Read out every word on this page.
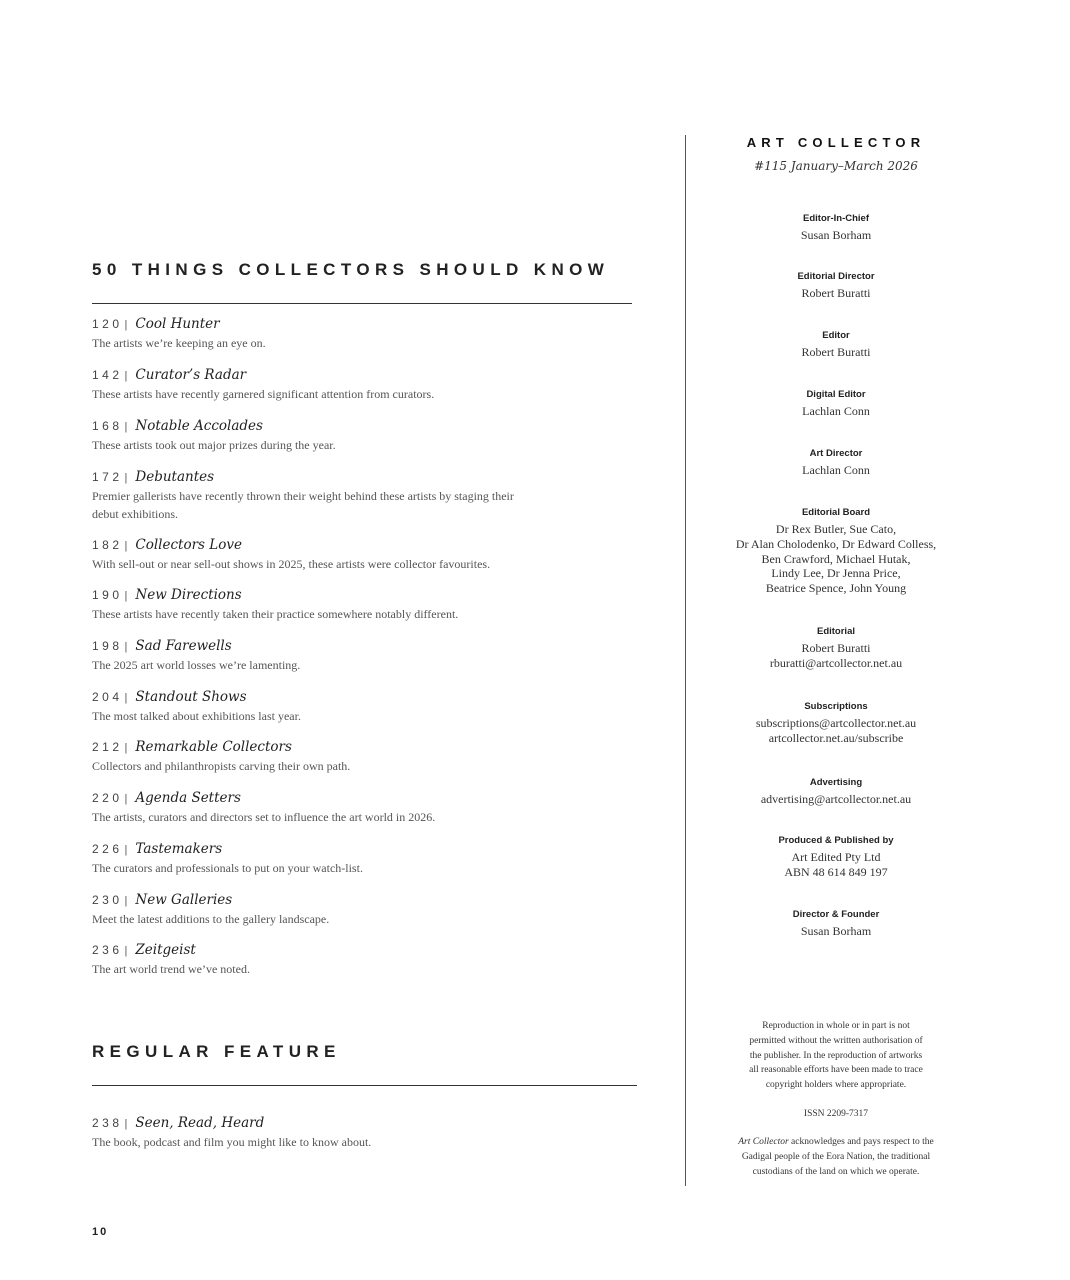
50 THINGS COLLECTORS SHOULD KNOW
120 | Cool Hunter
The artists we’re keeping an eye on.
142 | Curator’s Radar
These artists have recently garnered significant attention from curators.
168 | Notable Accolades
These artists took out major prizes during the year.
172 | Debutantes
Premier gallerists have recently thrown their weight behind these artists by staging their debut exhibitions.
182 | Collectors Love
With sell-out or near sell-out shows in 2025, these artists were collector favourites.
190 | New Directions
These artists have recently taken their practice somewhere notably different.
198 | Sad Farewells
The 2025 art world losses we’re lamenting.
204 | Standout Shows
The most talked about exhibitions last year.
212 | Remarkable Collectors
Collectors and philanthropists carving their own path.
220 | Agenda Setters
The artists, curators and directors set to influence the art world in 2026.
226 | Tastemakers
The curators and professionals to put on your watch-list.
230 | New Galleries
Meet the latest additions to the gallery landscape.
236 | Zeitgeist
The art world trend we’ve noted.
REGULAR FEATURE
238 | Seen, Read, Heard
The book, podcast and film you might like to know about.
10
ART COLLECTOR
#115 January–March 2026
Editor-In-Chief
Susan Borham
Editorial Director
Robert Buratti
Editor
Robert Buratti
Digital Editor
Lachlan Conn
Art Director
Lachlan Conn
Editorial Board
Dr Rex Butler, Sue Cato,
Dr Alan Cholodenko, Dr Edward Colless,
Ben Crawford, Michael Hutak,
Lindy Lee, Dr Jenna Price,
Beatrice Spence, John Young
Editorial
Robert Buratti
rburatti@artcollector.net.au
Subscriptions
subscriptions@artcollector.net.au
artcollector.net.au/subscribe
Advertising
advertising@artcollector.net.au
Produced & Published by
Art Edited Pty Ltd
ABN 48 614 849 197
Director & Founder
Susan Borham
Reproduction in whole or in part is not
permitted without the written authorisation of
the publisher. In the reproduction of artworks
all reasonable efforts have been made to trace
copyright holders where appropriate.
ISSN 2209-7317
Art Collector acknowledges and pays respect to the
Gadigal people of the Eora Nation, the traditional
custodians of the land on which we operate.
